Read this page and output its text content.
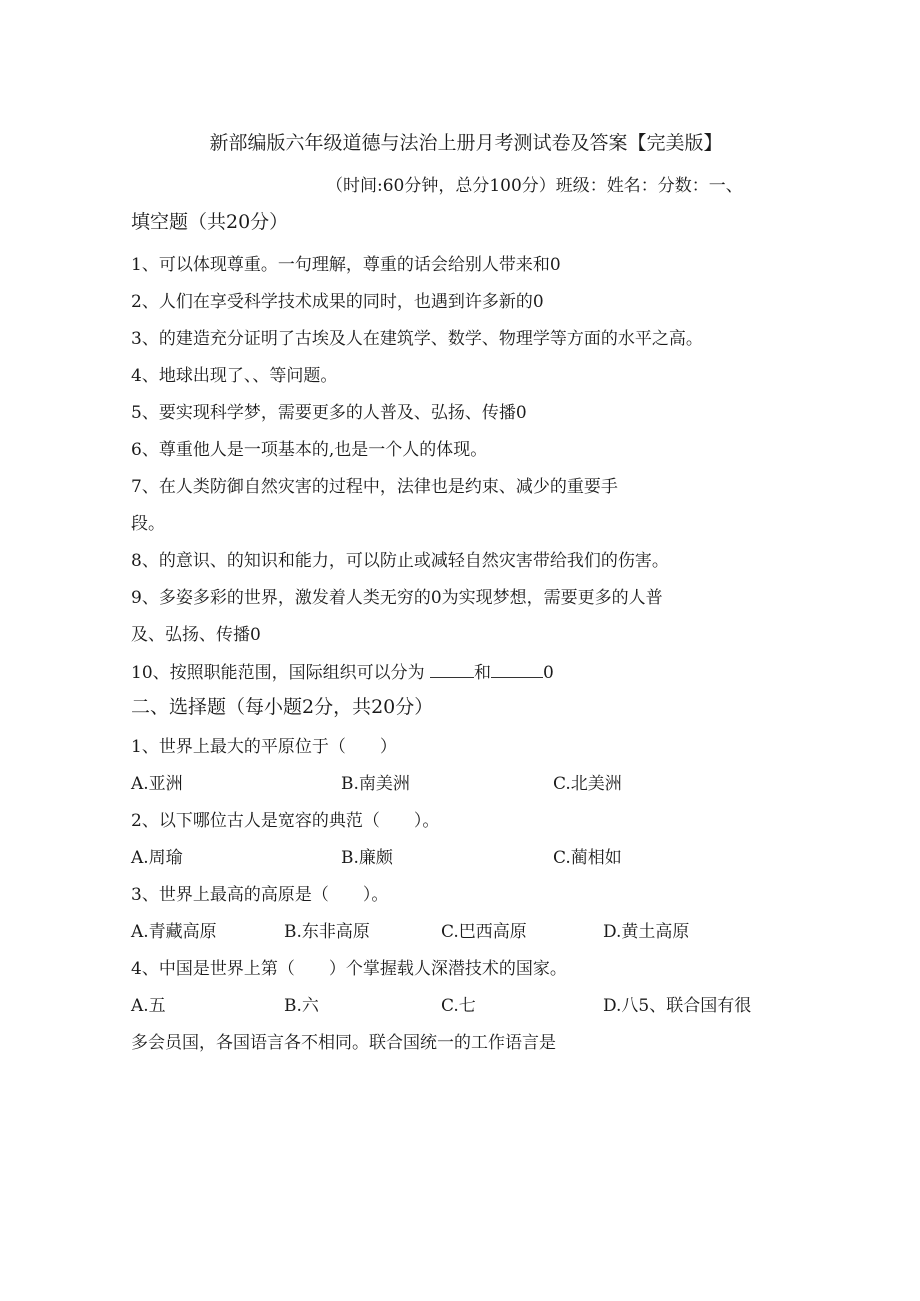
新部编版六年级道德与法治上册月考测试卷及答案【完美版】
（时间:60分钟，总分100分）班级：姓名：分数：一、
填空题（共20分）
1、可以体现尊重。一句理解，尊重的话会给别人带来和0
2、人们在享受科学技术成果的同时，也遇到许多新的0
3、的建造充分证明了古埃及人在建筑学、数学、物理学等方面的水平之高。
4、地球出现了、、等问题。
5、要实现科学梦，需要更多的人普及、弘扬、传播0
6、尊重他人是一项基本的,也是一个人的体现。
7、在人类防御自然灾害的过程中，法律也是约束、减少的重要手
段。
8、的意识、的知识和能力，可以防止或减轻自然灾害带给我们的伤害。
9、多姿多彩的世界，激发着人类无穷的0为实现梦想，需要更多的人普
及、弘扬、传播0
10、按照职能范围，国际组织可以分为	和	0
二、选择题（每小题2分，共20分）
1、世界上最大的平原位于（　　）
A.亚洲	B.南美洲	C.北美洲
2、以下哪位古人是宽容的典范（　　）。
A.周瑜	B.廉颇	C.蔺相如
3、世界上最高的高原是（　　）。
A.青藏高原	B.东非高原	C.巴西高原	D.黄土高原
4、中国是世界上第（　　）个掌握载人深潜技术的国家。
A.五	B.六	C.七	D.八5、联合国有很
多会员国，各国语言各不相同。联合国统一的工作语言是
